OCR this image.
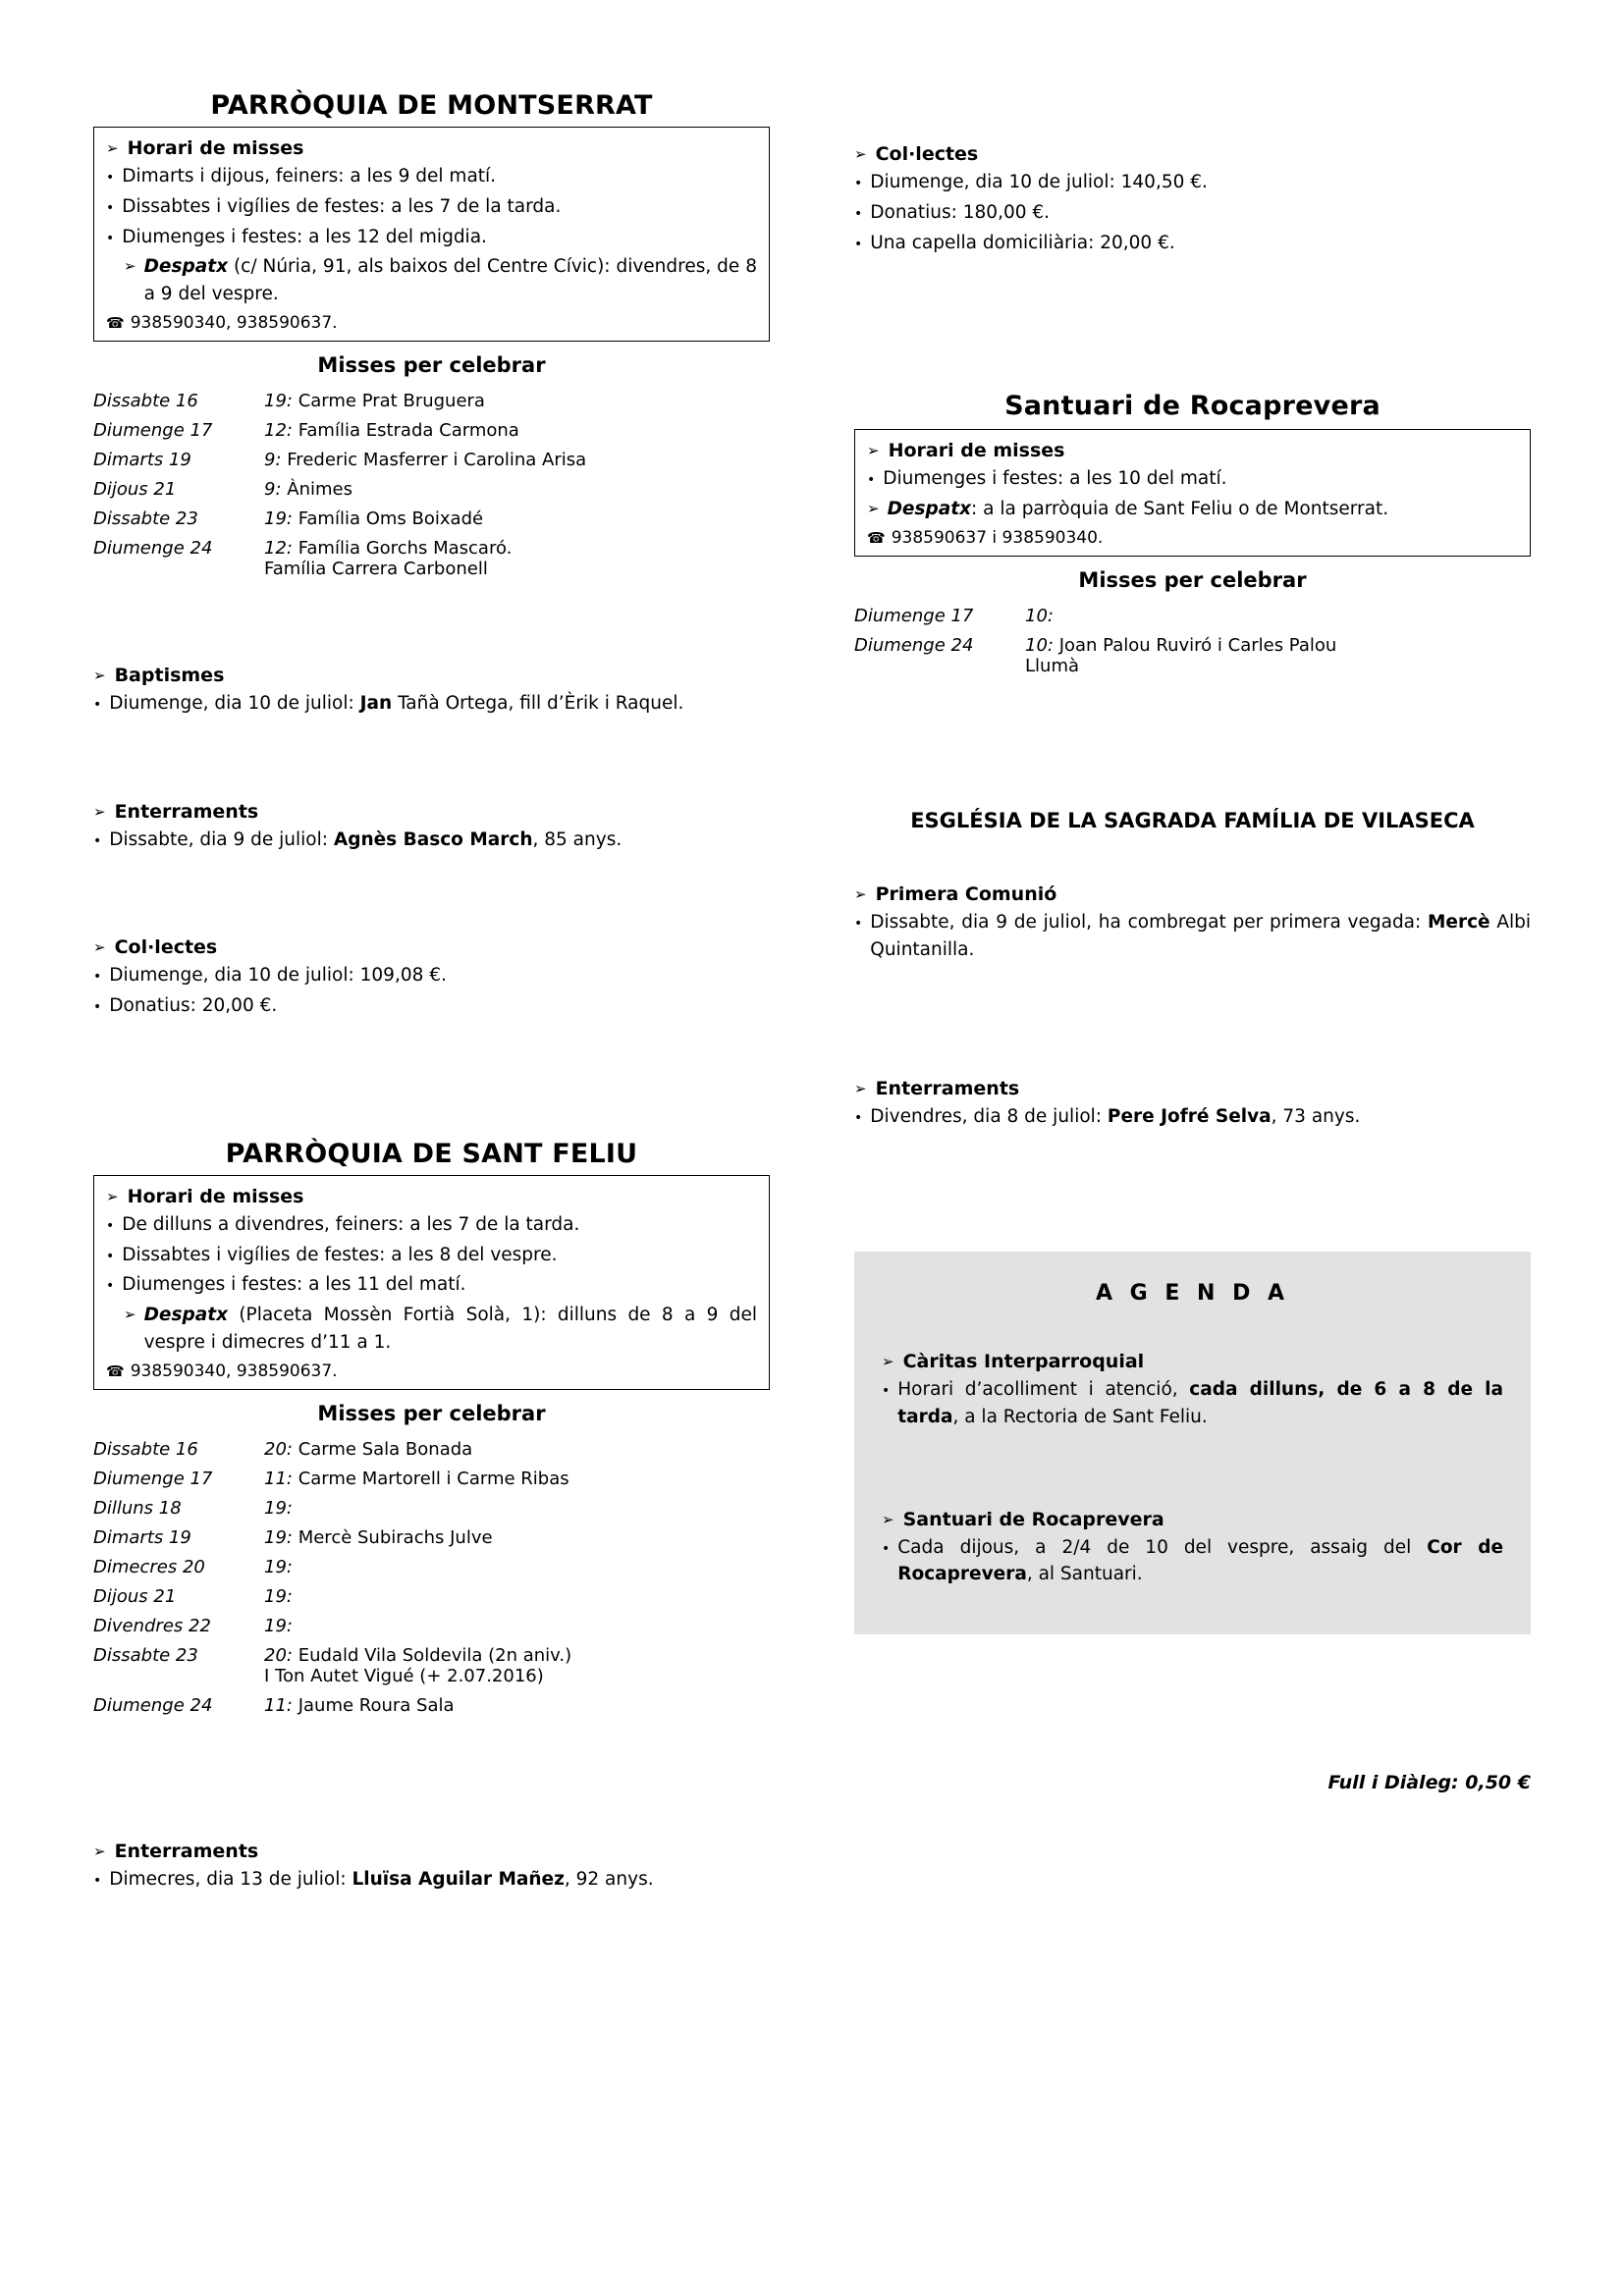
PARRÒQUIA DE MONTSERRAT
➢ Horari de misses
• Dimarts i dijous, feiners: a les 9 del matí.
• Dissabtes i vigílies de festes: a les 7 de la tarda.
• Diumenges i festes: a les 12 del migdia.
➢ Despatx (c/ Núria, 91, als baixos del Centre Cívic): divendres, de 8 a 9 del vespre.
☎ 938590340, 938590637.
Misses per celebrar
Dissabte 16	19: Carme Prat Bruguera
Diumenge 17	12: Família Estrada Carmona
Dimarts 19	9: Frederic Masferrer i Carolina Arisa
Dijous 21	9: Ànimes
Dissabte 23	19: Família Oms Boixadé
Diumenge 24	12: Família Gorchs Mascaró.
Família Carrera Carbonell
➢ Baptismes
• Diumenge, dia 10 de juliol: Jan Tañà Ortega, fill d’Èrik i Raquel.
➢ Enterraments
• Dissabte, dia 9 de juliol: Agnès Basco March, 85 anys.
➢ Col·lectes
• Diumenge, dia 10 de juliol: 109,08 €.
• Donatius: 20,00 €.
PARRÒQUIA DE SANT FELIU
➢ Horari de misses
• De dilluns a divendres, feiners: a les 7 de la tarda.
• Dissabtes i vigílies de festes: a les 8 del vespre.
• Diumenges i festes: a les 11 del matí.
➢ Despatx (Placeta Mossèn Fortià Solà, 1): dilluns de 8 a 9 del vespre i dimecres d’11 a 1.
☎ 938590340, 938590637.
Misses per celebrar
Dissabte 16	20: Carme Sala Bonada
Diumenge 17	11: Carme Martorell i Carme Ribas
Dilluns 18	19:
Dimarts 19	19: Mercè Subirachs Julve
Dimecres 20	19:
Dijous 21	19:
Divendres 22	19:
Dissabte 23	20: Eudald Vila Soldevila (2n aniv.)
I Ton Autet Vigué (+ 2.07.2016)

Diumenge 24	11: Jaume Roura Sala
➢ Enterraments
• Dimecres, dia 13 de juliol: Lluïsa Aguilar Mañez, 92 anys.
➢ Col·lectes
• Diumenge, dia 10 de juliol: 140,50 €.
• Donatius: 180,00 €.
• Una capella domiciliària: 20,00 €.
Santuari de Rocaprevera
➢ Horari de misses
• Diumenges i festes: a les 10 del matí.
➢ Despatx: a la parròquia de Sant Feliu o de Montserrat.
☎ 938590637 i 938590340.
Misses per celebrar
Diumenge 17	10:
Diumenge 24	10: Joan Palou Ruviró i Carles Palou
Llumà
ESGLÉSIA DE LA SAGRADA FAMÍLIA DE VILASECA
➢ Primera Comunió
• Dissabte, dia 9 de juliol, ha combregat per primera vegada: Mercè Albi Quintanilla.
➢ Enterraments
• Divendres, dia 8 de juliol: Pere Jofré Selva, 73 anys.
A G E N D A
➢ Càritas Interparroquial
• Horari d’acolliment i atenció, cada dilluns, de 6 a 8 de la tarda, a la Rectoria de Sant Feliu.
➢ Santuari de Rocaprevera
• Cada dijous, a 2/4 de 10 del vespre, assaig del Cor de Rocaprevera, al Santuari.
Full i Diàleg: 0,50 €
